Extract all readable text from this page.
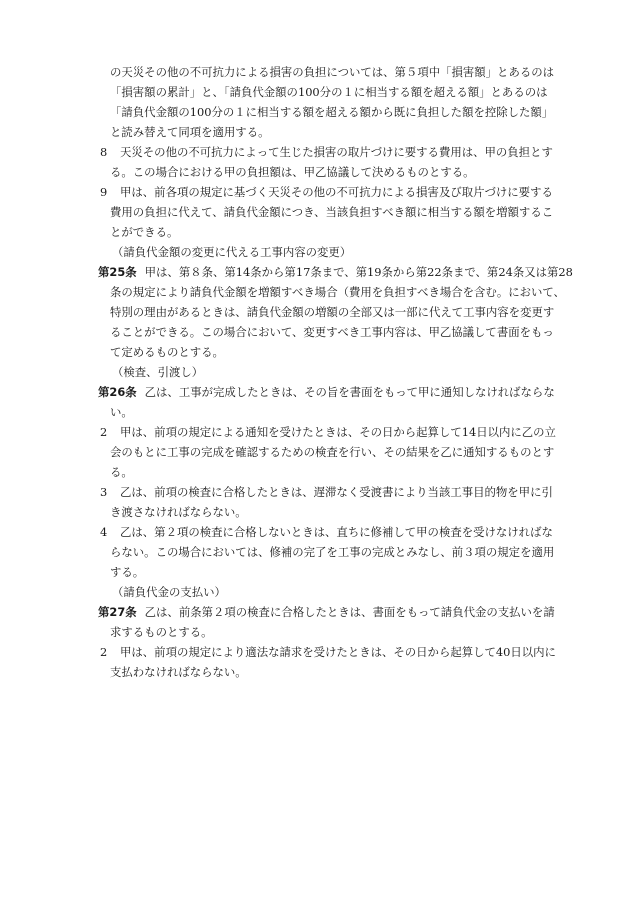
の天災その他の不可抗力による損害の負担については、第５項中「損害額」とあるのは
「損害額の累計」と、「請負代金額の100分の１に相当する額を超える額」とあるのは
「請負代金額の100分の１に相当する額を超える額から既に負担した額を控除した額」
と読み替えて同項を適用する。
8 天災その他の不可抗力によって生じた損害の取片づけに要する費用は、甲の負担とす
る。この場合における甲の負担額は、甲乙協議して決めるものとする。
9 甲は、前各項の規定に基づく天災その他の不可抗力による損害及び取片づけに要する
費用の負担に代えて、請負代金額につき、当該負担すべき額に相当する額を増額するこ
とができる。
（請負代金額の変更に代える工事内容の変更）
第25条 甲は、第８条、第14条から第17条まで、第19条から第22条まで、第24条又は第28
条の規定により請負代金額を増額すべき場合（費用を負担すべき場合を含む。において、
特別の理由があるときは、請負代金額の増額の全部又は一部に代えて工事内容を変更す
ることができる。この場合において、変更すべき工事内容は、甲乙協議して書面をもっ
て定めるものとする。
（検査、引渡し）
第26条 乙は、工事が完成したときは、その旨を書面をもって甲に通知しなければならな
い。
2 甲は、前項の規定による通知を受けたときは、その日から起算して14日以内に乙の立
会のもとに工事の完成を確認するための検査を行い、その結果を乙に通知するものとす
る。
3 乙は、前項の検査に合格したときは、遅滞なく受渡書により当該工事目的物を甲に引
き渡さなければならない。
4 乙は、第２項の検査に合格しないときは、直ちに修補して甲の検査を受けなければな
らない。この場合においては、修補の完了を工事の完成とみなし、前３項の規定を適用
する。
（請負代金の支払い）
第27条 乙は、前条第２項の検査に合格したときは、書面をもって請負代金の支払いを請
求するものとする。
2 甲は、前項の規定により適法な請求を受けたときは、その日から起算して40日以内に
支払わなければならない。
